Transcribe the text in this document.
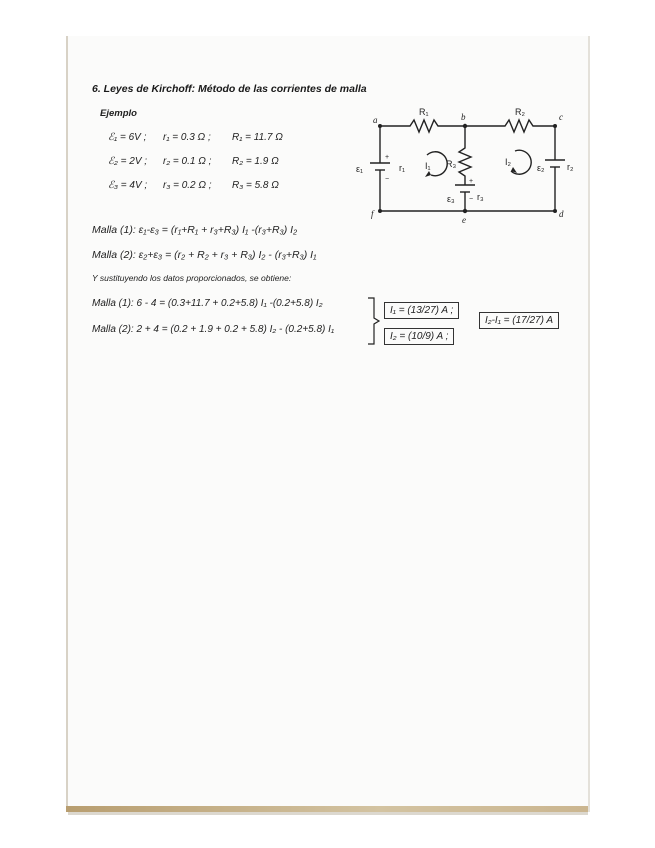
6. Leyes de Kirchoff: Método de las corrientes de malla
Ejemplo
ℰ₁ = 6V ; r₁ = 0.3 Ω ; R₁ = 11.7 Ω
ℰ₂ = 2V ; r₂ = 0.1 Ω ; R₂ = 1.9 Ω
ℰ₃ = 4V ; r₃ = 0.2 Ω ; R₃ = 5.8 Ω
a	b	c
d
e
f
R₁	R₂
R₃
ε₁	ε₂
ε₃
r₁	r₂
r₃
I₁	I₂
+
−	+
−
Malla (1): ε₁-ε₃ = (r₁+R₁ + r₃+R₃) I₁ -(r₃+R₃) I₂
Malla (2): ε₂+ε₃ = (r₂ + R₂ + r₃ + R₃) I₂ - (r₃+R₃) I₁
Y sustituyendo los datos proporcionados, se obtiene:
Malla (1): 6 - 4 = (0.3+11.7 + 0.2+5.8) I₁ -(0.2+5.8) I₂
Malla (2): 2 + 4 = (0.2 + 1.9 + 0.2 + 5.8) I₂ - (0.2+5.8) I₁
I₁ = (13/27) A ;
I₂ = (10/9) A ;
I₂-I₁ = (17/27) A
